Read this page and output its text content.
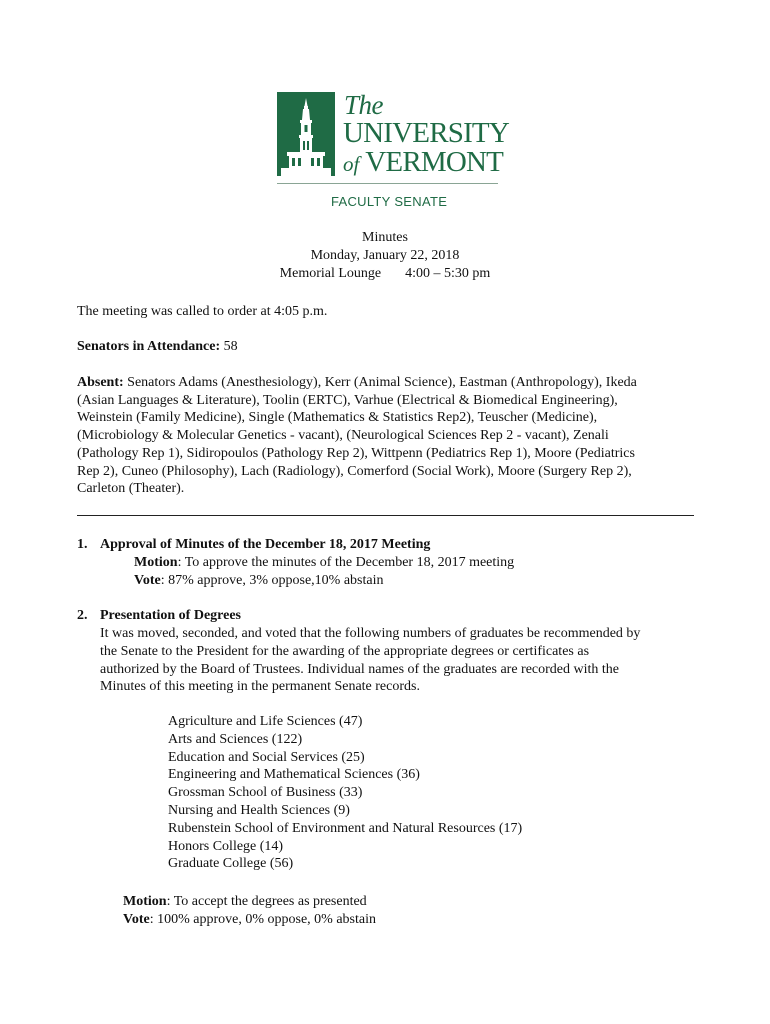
The
UNIVERSITY
of VERMONT
FACULTY SENATE
Minutes
Monday, January 22, 2018
Memorial Lounge 4:00 – 5:30 pm
The meeting was called to order at 4:05 p.m.
Senators in Attendance: 58
Absent: Senators Adams (Anesthesiology), Kerr (Animal Science), Eastman (Anthropology), Ikeda
(Asian Languages & Literature), Toolin (ERTC), Varhue (Electrical & Biomedical Engineering),
Weinstein (Family Medicine), Single (Mathematics & Statistics Rep2), Teuscher (Medicine),
(Microbiology & Molecular Genetics - vacant), (Neurological Sciences Rep 2 - vacant), Zenali
(Pathology Rep 1), Sidiropoulos (Pathology Rep 2), Wittpenn (Pediatrics Rep 1), Moore (Pediatrics
Rep 2), Cuneo (Philosophy), Lach (Radiology), Comerford (Social Work), Moore (Surgery Rep 2),
Carleton (Theater).
1. Approval of Minutes of the December 18, 2017 Meeting
Motion: To approve the minutes of the December 18, 2017 meeting
Vote: 87% approve, 3% oppose,10% abstain
2. Presentation of Degrees
It was moved, seconded, and voted that the following numbers of graduates be recommended by
the Senate to the President for the awarding of the appropriate degrees or certificates as
authorized by the Board of Trustees. Individual names of the graduates are recorded with the
Minutes of this meeting in the permanent Senate records.
Agriculture and Life Sciences (47)
Arts and Sciences (122)
Education and Social Services (25)
Engineering and Mathematical Sciences (36)
Grossman School of Business (33)
Nursing and Health Sciences (9)
Rubenstein School of Environment and Natural Resources (17)
Honors College (14)
Graduate College (56)
Motion: To accept the degrees as presented
Vote: 100% approve, 0% oppose, 0% abstain
